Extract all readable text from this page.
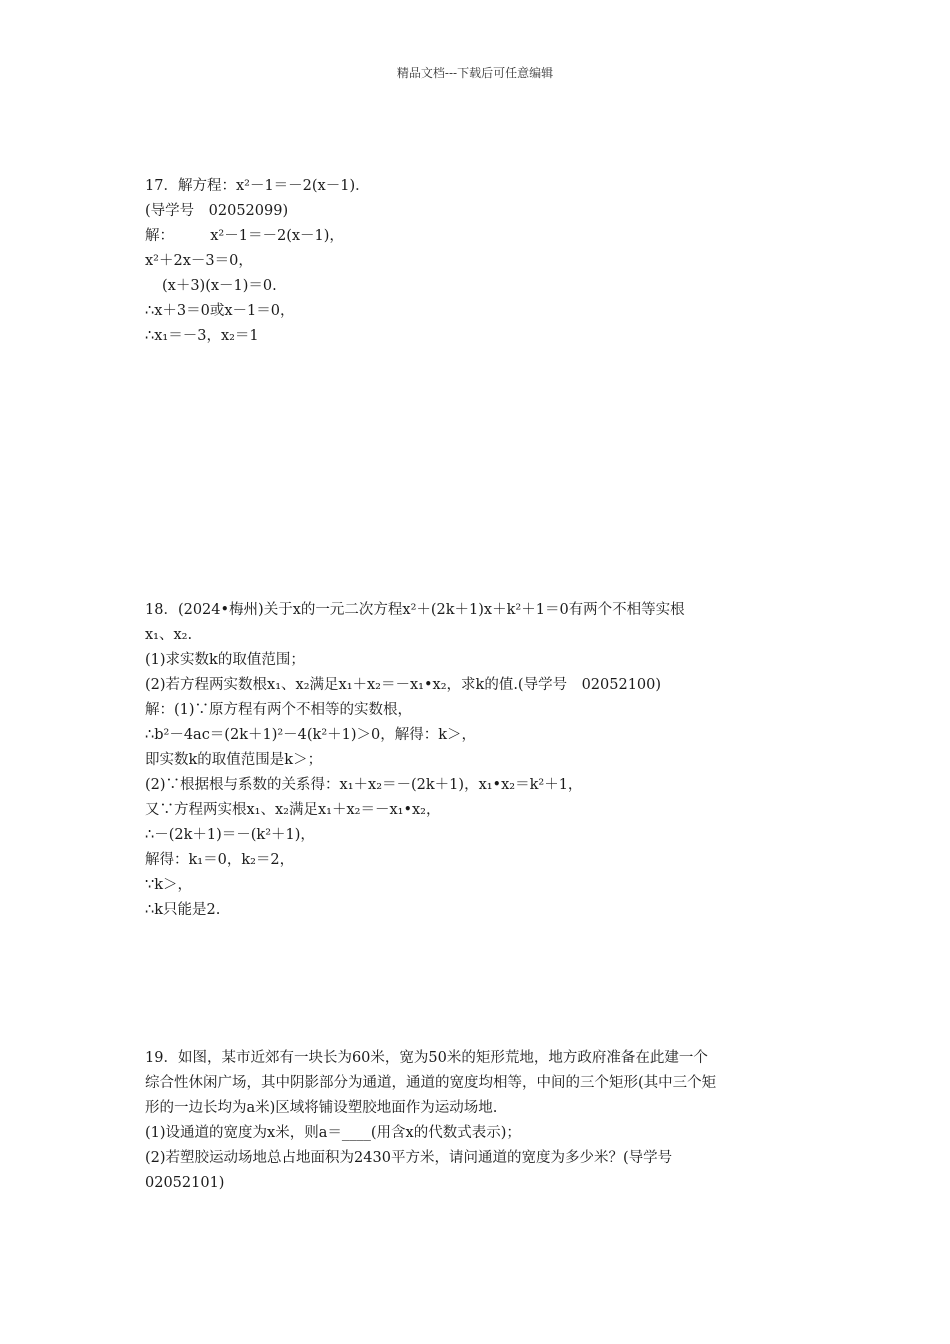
精品文档---下载后可任意编辑
17．解方程：x²－1＝－2(x－1)．
(导学号　02052099)
解：　　　x²－1＝－2(x－1)，
x²＋2x－3＝0，
(x＋3)(x－1)＝0.
∴x＋3＝0或x－1＝0，
∴x₁＝－3，x₂＝1
18．(2024•梅州)关于x的一元二次方程x²＋(2k＋1)x＋k²＋1＝0有两个不相等实根
x₁、x₂.
(1)求实数k的取值范围；
(2)若方程两实数根x₁、x₂满足x₁＋x₂＝－x₁•x₂，求k的值.(导学号　02052100)
解：(1)∵原方程有两个不相等的实数根，
∴b²－4ac＝(2k＋1)²－4(k²＋1)＞0，解得：k＞，
即实数k的取值范围是k＞；
(2)∵根据根与系数的关系得：x₁＋x₂＝－(2k＋1)，x₁•x₂＝k²＋1，
又∵方程两实根x₁、x₂满足x₁＋x₂＝－x₁•x₂，
∴－(2k＋1)＝－(k²＋1)，
解得：k₁＝0，k₂＝2，
∵k＞，
∴k只能是2.
19．如图，某市近郊有一块长为60米，宽为50米的矩形荒地，地方政府准备在此建一个
综合性休闲广场，其中阴影部分为通道，通道的宽度均相等，中间的三个矩形(其中三个矩
形的一边长均为a米)区域将铺设塑胶地面作为运动场地.
(1)设通道的宽度为x米，则a＝____(用含x的代数式表示)；
(2)若塑胶运动场地总占地面积为2430平方米，请问通道的宽度为多少米？(导学号
02052101)
